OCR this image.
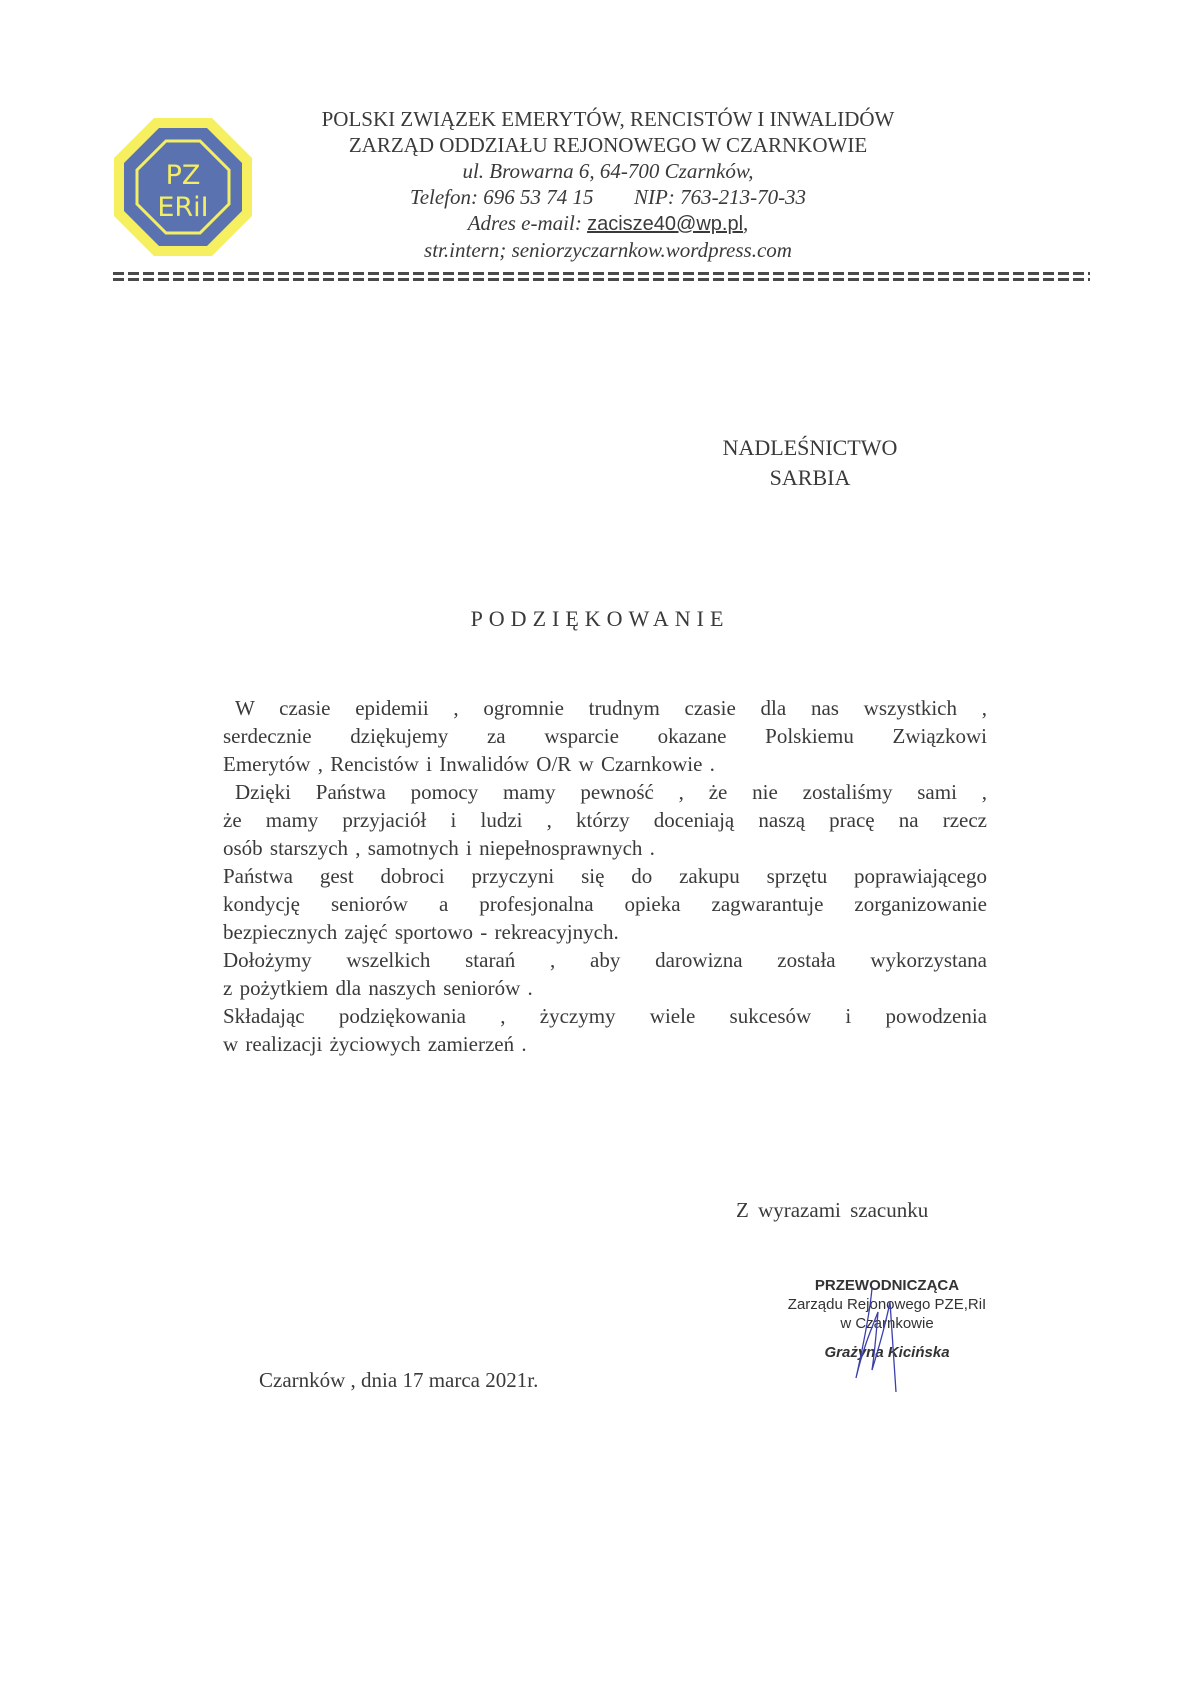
PZ
ERiI
POLSKI ZWIĄZEK EMERYTÓW, RENCISTÓW I INWALIDÓW
ZARZĄD ODDZIAŁU REJONOWEGO W CZARNKOWIE
ul. Browarna 6, 64-700 Czarnków,
Telefon: 696 53 74 15 NIP: 763-213-70-33
Adres e-mail: zacisze40@wp.pl,
str.intern; seniorzyczarnkow.wordpress.com
NADLEŚNICTWO
SARBIA
PODZIĘKOWANIE
W czasie epidemii , ogromnie trudnym czasie dla nas wszystkich ,
serdecznie dziękujemy za wsparcie okazane Polskiemu Związkowi
Emerytów , Rencistów i Inwalidów O/R w Czarnkowie .
Dzięki Państwa pomocy mamy pewność , że nie zostaliśmy sami ,
że mamy przyjaciół i ludzi , którzy doceniają naszą pracę na rzecz
osób starszych , samotnych i niepełnosprawnych .
Państwa gest dobroci przyczyni się do zakupu sprzętu poprawiającego
kondycję seniorów a profesjonalna opieka zagwarantuje zorganizowanie
bezpiecznych zajęć sportowo - rekreacyjnych.
Dołożymy wszelkich starań , aby darowizna została wykorzystana
z pożytkiem dla naszych seniorów .
Składając podziękowania , życzymy wiele sukcesów i powodzenia
w realizacji życiowych zamierzeń .
Z wyrazami szacunku
PRZEWODNICZĄCA
Zarządu Rejonowego PZE,RiI
w Czarnkowie
Grażyna Kicińska
Czarnków , dnia 17 marca 2021r.
